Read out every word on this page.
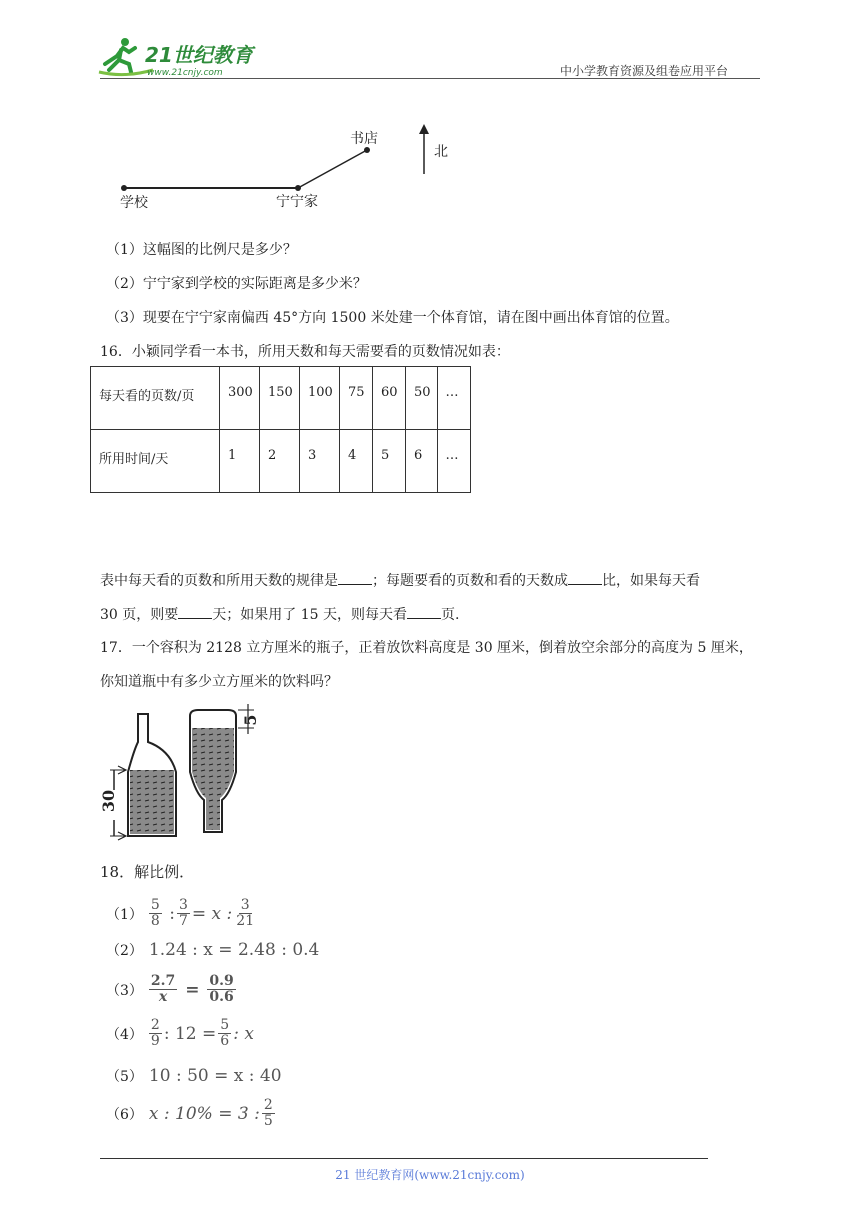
21世纪教育
www.21cnjy.com	中小学教育资源及组卷应用平台
学校	宁宁家
书店
北
（1）这幅图的比例尺是多少？
（2）宁宁家到学校的实际距离是多少米？
（3）现要在宁宁家南偏西 45°方向 1500 米处建一个体育馆，请在图中画出体育馆的位置。
16．小颖同学看一本书，所用天数和每天需要看的页数情况如表：
每天看的页数/页	300	150	100	75	60	50	…

所用时间/天	1	2	3	4	5	6	…
表中每天看的页数和所用天数的规律是 ；每题要看的页数和看的天数成 比，如果每天看
30 页，则要 天；如果用了 15 天，则每天看 页.
17．一个容积为 2128 立方厘米的瓶子，正着放饮料高度是 30 厘米，倒着放空余部分的高度为 5 厘米，
你知道瓶中有多少立方厘米的饮料吗？
30
5
18．解比例．
$(1) \frac{5}{8}$ : $\frac{3}{7} = x$ : $\frac{3}{21}$
（2） 1.24 : x = 2.48 : 0.4
$(3) \frac{2.7}{x} = \frac{0.9}{0.6}$
$(4) \frac{2}{9}$ : $12 = \frac{5}{6}$ : x
（5） 10 : 50 = x : 40
（6） x : 10% = 3 : $\frac{2}{5}$
21 世纪教育网(www.21cnjy.com)
